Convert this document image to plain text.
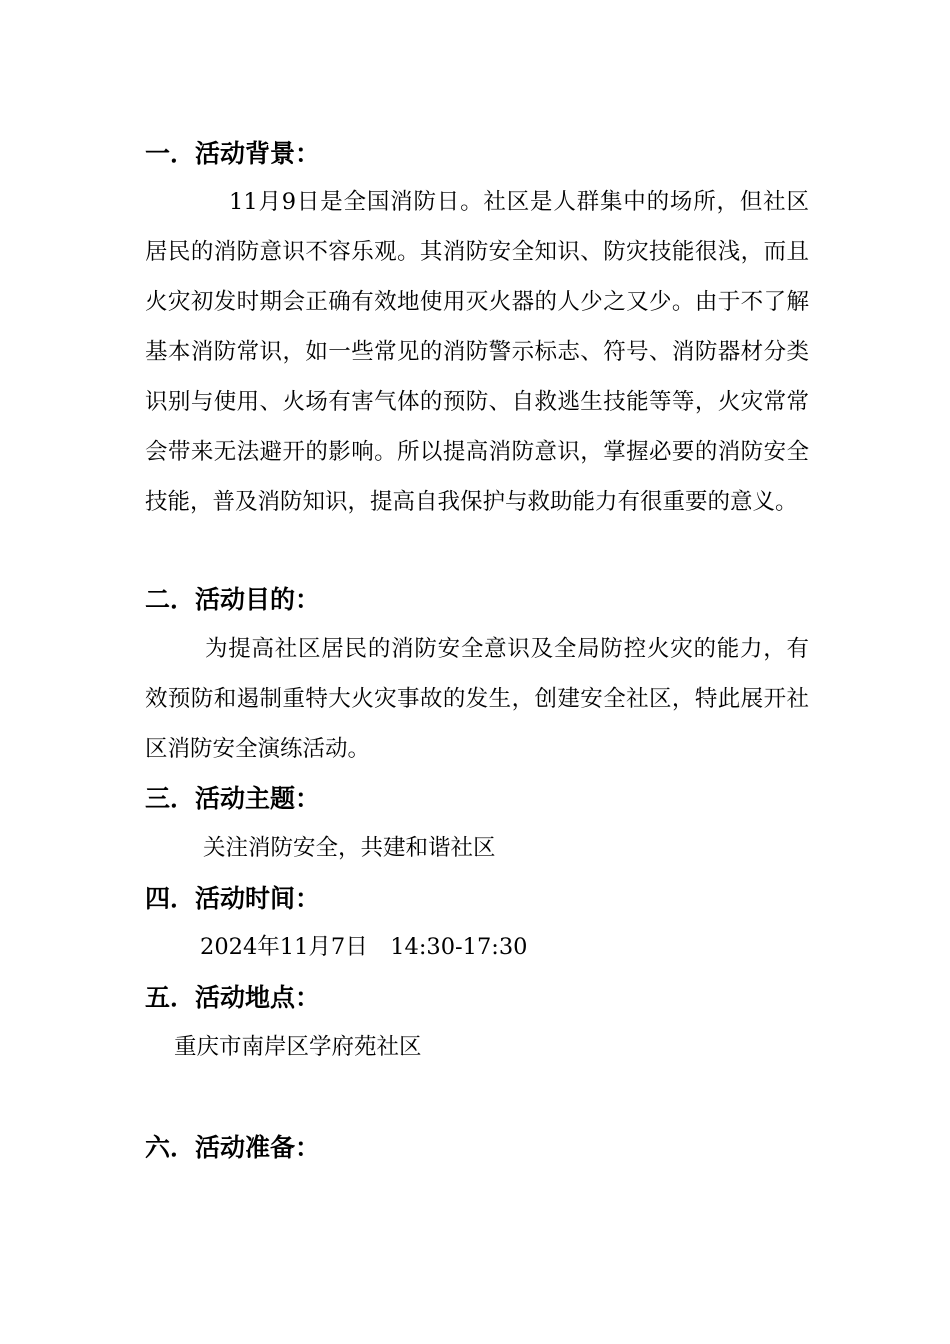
一．活动背景：
11月9日是全国消防日。社区是人群集中的场所，但社区居民的消防意识不容乐观。其消防安全知识、防灾技能很浅，而且火灾初发时期会正确有效地使用灭火器的人少之又少。由于不了解基本消防常识，如一些常见的消防警示标志、符号、消防器材分类识别与使用、火场有害气体的预防、自救逃生技能等等，火灾常常会带来无法避开的影响。所以提高消防意识，掌握必要的消防安全技能，普及消防知识，提高自我保护与救助能力有很重要的意义。
二．活动目的：
为提高社区居民的消防安全意识及全局防控火灾的能力，有效预防和遏制重特大火灾事故的发生，创建安全社区，特此展开社区消防安全演练活动。
三．活动主题：
关注消防安全，共建和谐社区
四．活动时间：
2024年11月7日　14:30-17:30
五．活动地点：
重庆市南岸区学府苑社区
六．活动准备：
